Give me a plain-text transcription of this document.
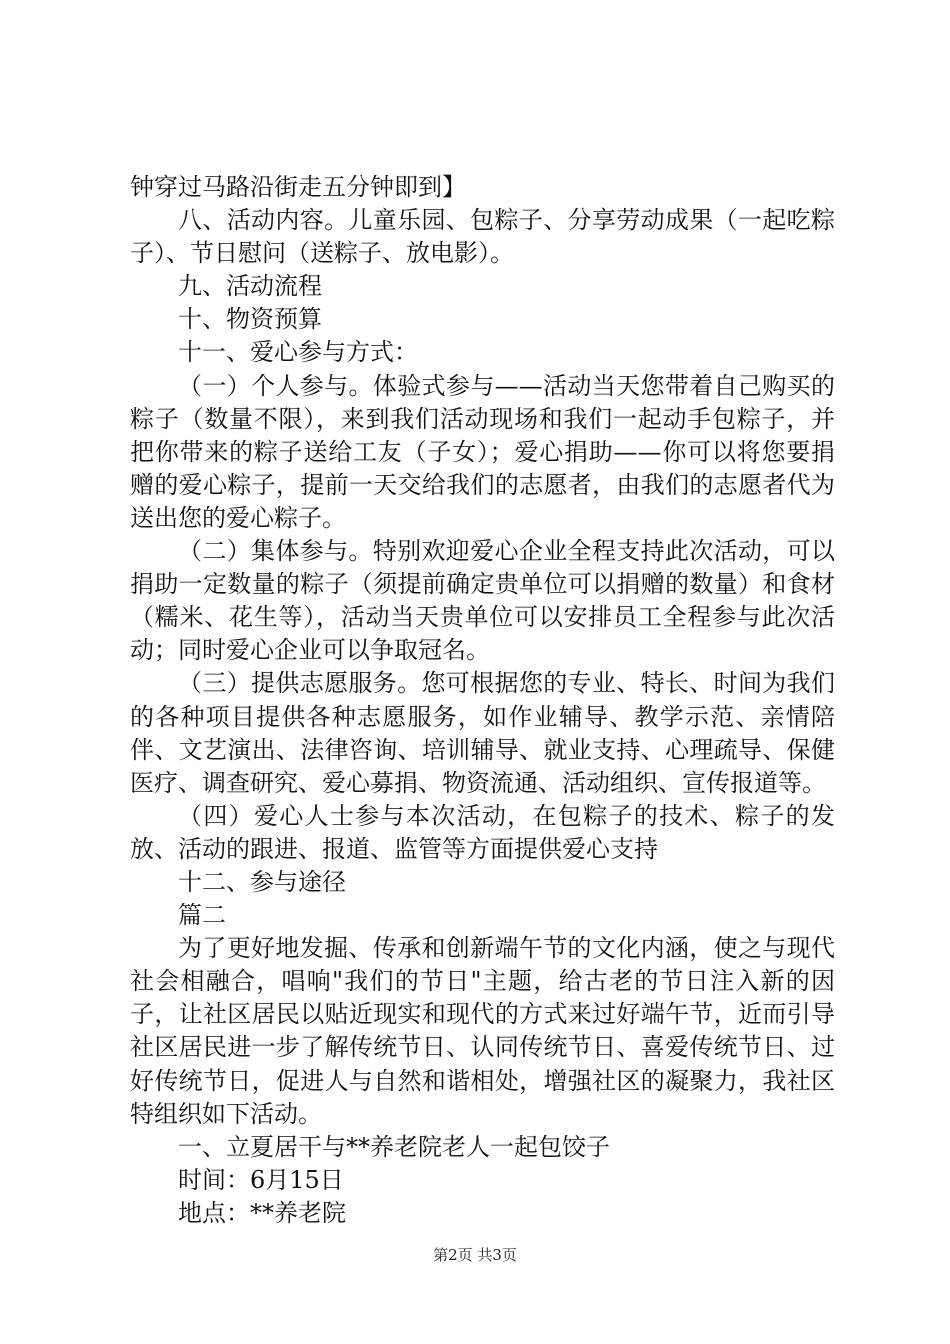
钟穿过马路沿街走五分钟即到】

八、活动内容。儿童乐园、包粽子、分享劳动成果（一起吃粽子）、节日慰问（送粽子、放电影）。

九、活动流程

十、物资预算

十一、爱心参与方式：

（一）个人参与。体验式参与——活动当天您带着自己购买的粽子（数量不限），来到我们活动现场和我们一起动手包粽子，并把你带来的粽子送给工友（子女）；爱心捐助——你可以将您要捐赠的爱心粽子，提前一天交给我们的志愿者，由我们的志愿者代为送出您的爱心粽子。

（二）集体参与。特别欢迎爱心企业全程支持此次活动，可以捐助一定数量的粽子（须提前确定贵单位可以捐赠的数量）和食材（糯米、花生等），活动当天贵单位可以安排员工全程参与此次活动；同时爱心企业可以争取冠名。

（三）提供志愿服务。您可根据您的专业、特长、时间为我们的各种项目提供各种志愿服务，如作业辅导、教学示范、亲情陪伴、文艺演出、法律咨询、培训辅导、就业支持、心理疏导、保健医疗、调查研究、爱心募捐、物资流通、活动组织、宣传报道等。

（四）爱心人士参与本次活动，在包粽子的技术、粽子的发放、活动的跟进、报道、监管等方面提供爱心支持

十二、参与途径

篇二

为了更好地发掘、传承和创新端午节的文化内涵，使之与现代社会相融合，唱响"我们的节日"主题，给古老的节日注入新的因子，让社区居民以贴近现实和现代的方式来过好端午节，近而引导社区居民进一步了解传统节日、认同传统节日、喜爱传统节日、过好传统节日，促进人与自然和谐相处，增强社区的凝聚力，我社区特组织如下活动。

一、立夏居干与**养老院老人一起包饺子

时间：6月15日

地点：**养老院

第2页 共3页
